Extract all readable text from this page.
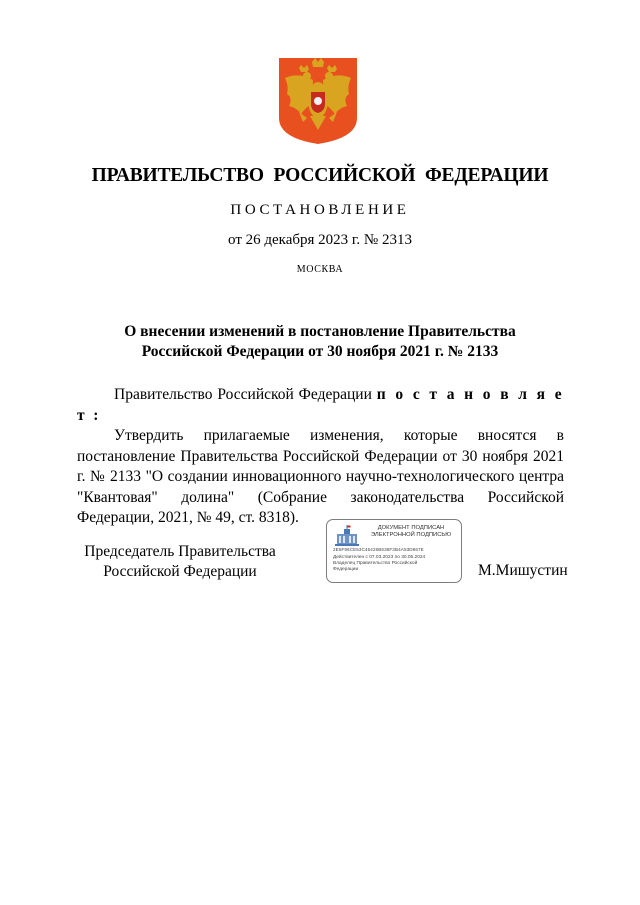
ПРАВИТЕЛЬСТВО РОССИЙСКОЙ ФЕДЕРАЦИИ
ПОСТАНОВЛЕНИЕ
от 26 декабря 2023 г. № 2313
МОСКВА
О внесении изменений в постановление Правительства
Российской Федерации от 30 ноября 2021 г. № 2133

Правительство Российской Федерации п о с т а н о в л я е т :

Утвердить прилагаемые изменения, которые вносятся в постановление Правительства Российской Федерации от 30 ноября 2021 г. № 2133 "О создании инновационного научно-технологического центра "Квантовая" долина" (Собрание законодательства Российской Федерации, 2021, № 49, ст. 8318).

Председатель Правительства
Российской Федерации
ДОКУМЕНТ ПОДПИСАН
ЭЛЕКТРОННОЙ ПОДПИСЬЮ
2E6F96CE53C46426B636F3B4A53D867E
Действителен с 07.03.2023 по 30.05.2024
Владелец Правительство Российской
Федерации	М.Мишустин
